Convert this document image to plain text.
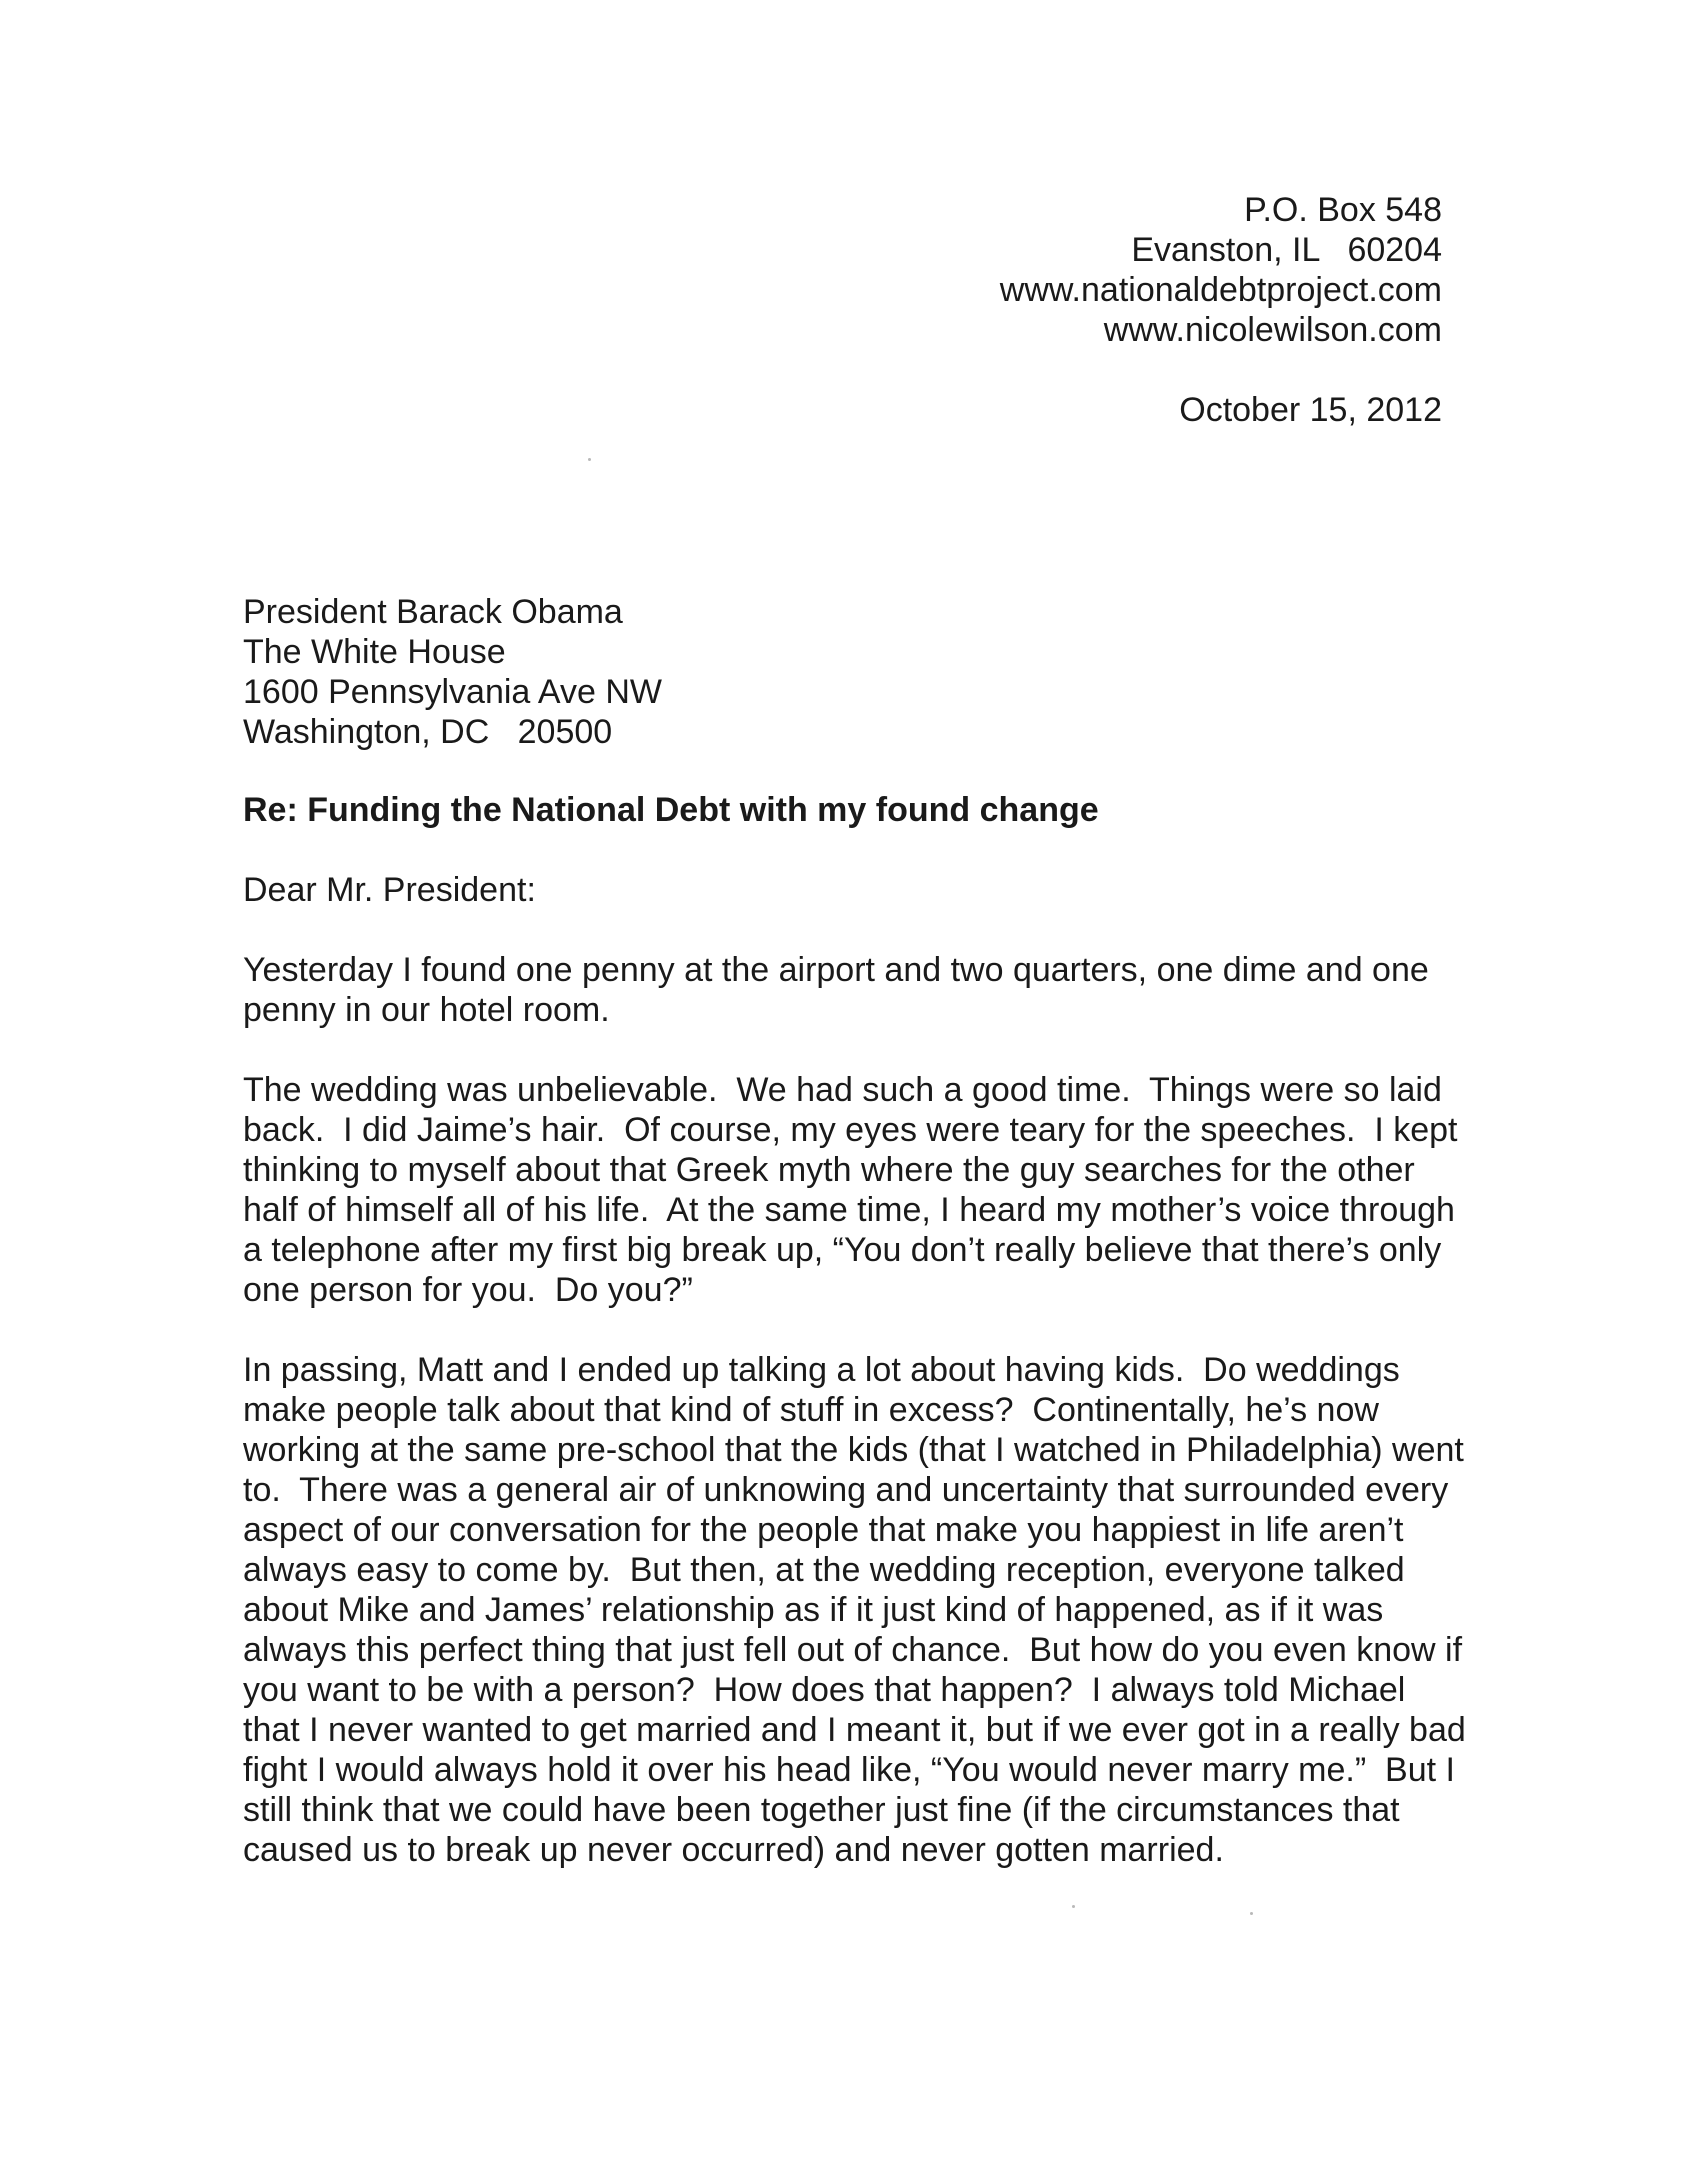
P.O. Box 548
Evanston, IL   60204
www.nationaldebtproject.com
www.nicolewilson.com
October 15, 2012
President Barack Obama
The White House
1600 Pennsylvania Ave NW
Washington, DC   20500
Re: Funding the National Debt with my found change
Dear Mr. President:
Yesterday I found one penny at the airport and two quarters, one dime and one
penny in our hotel room.
The wedding was unbelievable.  We had such a good time.  Things were so laid
back.  I did Jaime’s hair.  Of course, my eyes were teary for the speeches.  I kept
thinking to myself about that Greek myth where the guy searches for the other
half of himself all of his life.  At the same time, I heard my mother’s voice through
a telephone after my first big break up, “You don’t really believe that there’s only
one person for you.  Do you?”
In passing, Matt and I ended up talking a lot about having kids.  Do weddings
make people talk about that kind of stuff in excess?  Continentally, he’s now
working at the same pre-school that the kids (that I watched in Philadelphia) went
to.  There was a general air of unknowing and uncertainty that surrounded every
aspect of our conversation for the people that make you happiest in life aren’t
always easy to come by.  But then, at the wedding reception, everyone talked
about Mike and James’ relationship as if it just kind of happened, as if it was
always this perfect thing that just fell out of chance.  But how do you even know if
you want to be with a person?  How does that happen?  I always told Michael
that I never wanted to get married and I meant it, but if we ever got in a really bad
fight I would always hold it over his head like, “You would never marry me.”  But I
still think that we could have been together just fine (if the circumstances that
caused us to break up never occurred) and never gotten married.
